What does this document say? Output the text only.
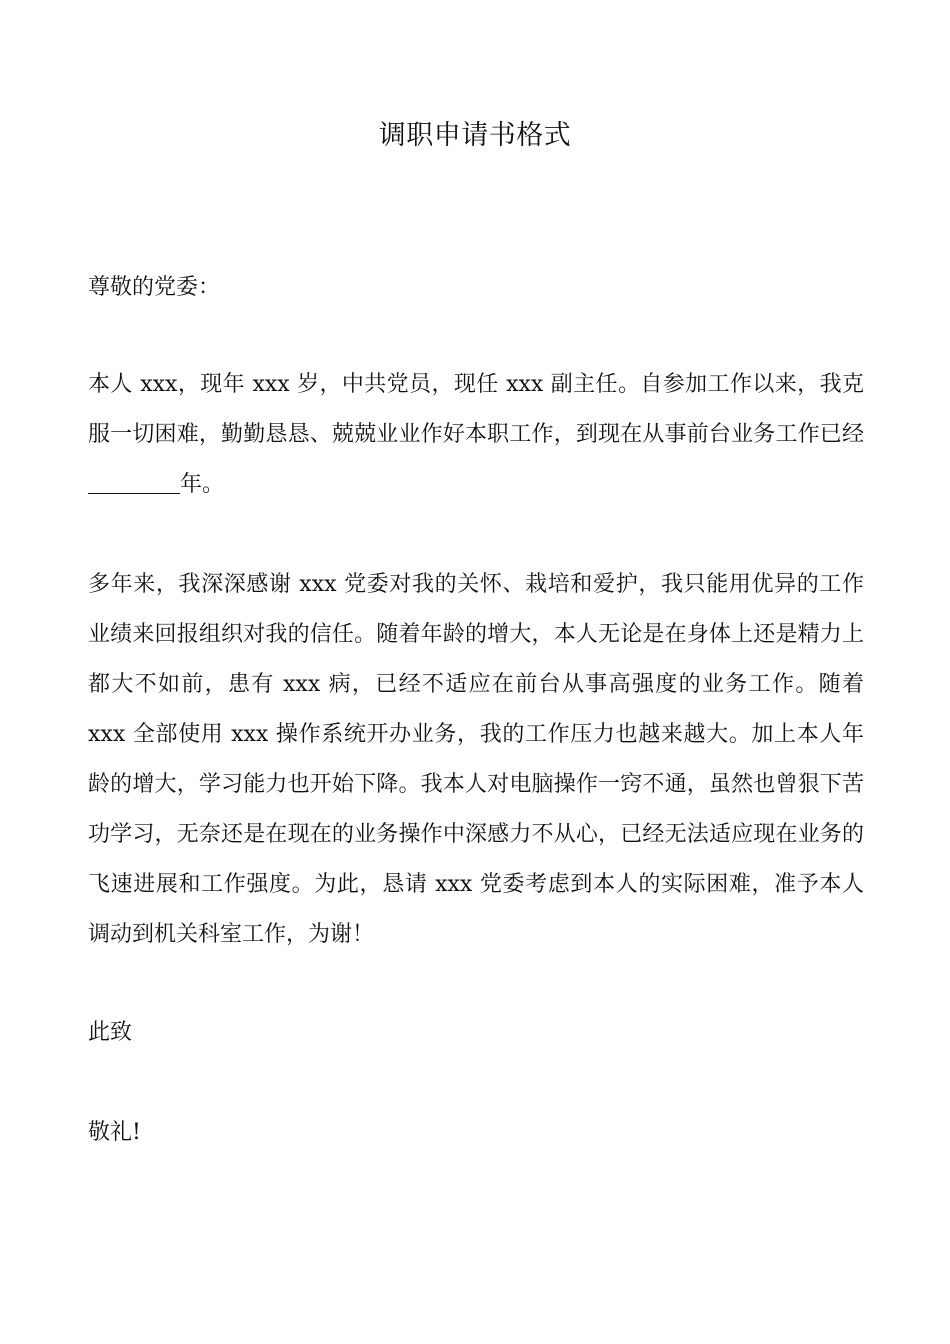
调职申请书格式

尊敬的党委：

本人 xxx，现年 xxx 岁，中共党员，现任 xxx 副主任。自参加工作以来，我克服一切困难，勤勤恳恳、兢兢业业作好本职工作，到现在从事前台业务工作已经年。

多年来，我深深感谢 xxx 党委对我的关怀、栽培和爱护，我只能用优异的工作业绩来回报组织对我的信任。随着年龄的增大，本人无论是在身体上还是精力上都大不如前，患有 xxx 病，已经不适应在前台从事高强度的业务工作。随着 xxx 全部使用 xxx 操作系统开办业务，我的工作压力也越来越大。加上本人年龄的增大，学习能力也开始下降。我本人对电脑操作一窍不通，虽然也曾狠下苦功学习，无奈还是在现在的业务操作中深感力不从心，已经无法适应现在业务的飞速进展和工作强度。为此，恳请 xxx 党委考虑到本人的实际困难，准予本人调动到机关科室工作，为谢！

此致

敬礼!
